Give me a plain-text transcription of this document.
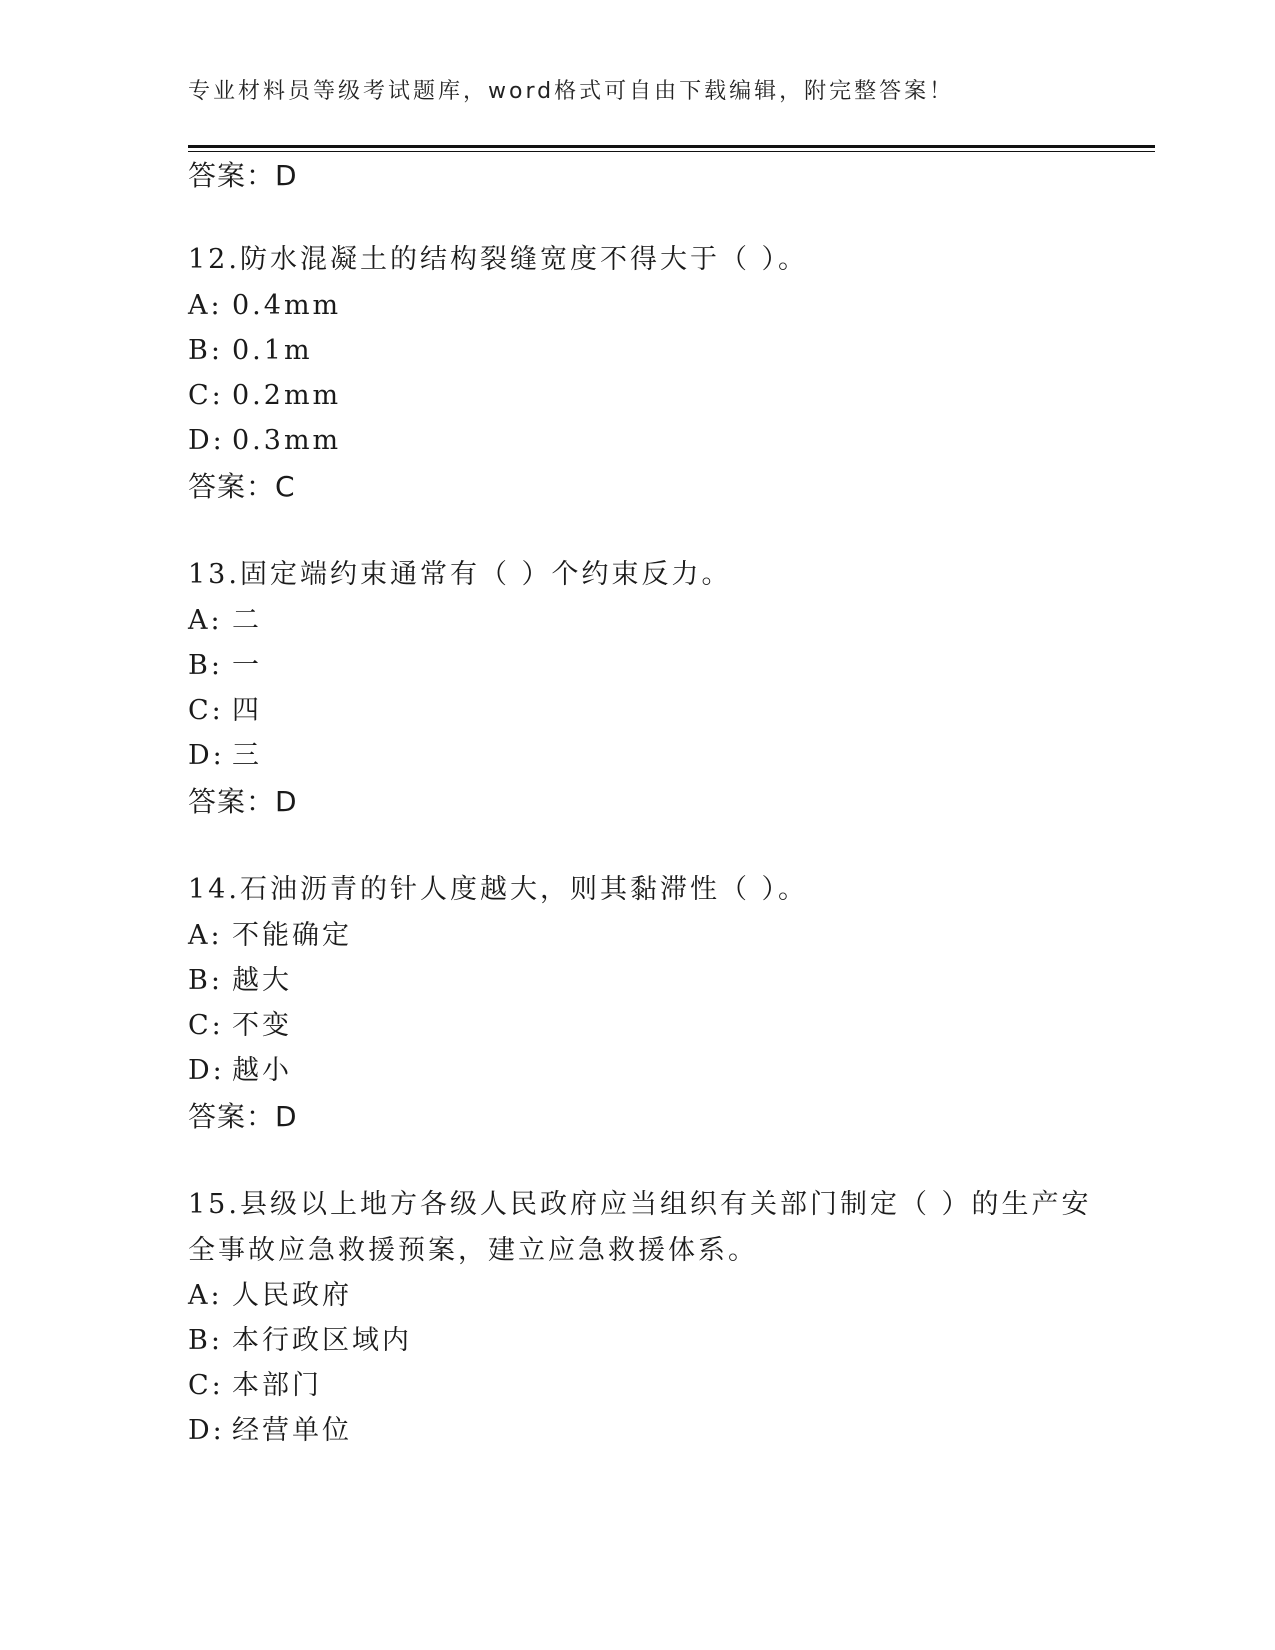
专业材料员等级考试题库，word格式可自由下载编辑，附完整答案！
答案：D
12.防水混凝土的结构裂缝宽度不得大于（ ）。
A: 0.4mm
B: 0.1m
C: 0.2mm
D: 0.3mm
答案：C
13.固定端约束通常有（ ）个约束反力。
A: 二
B: 一
C: 四
D: 三
答案：D
14.石油沥青的针人度越大，则其黏滞性（ ）。
A: 不能确定
B: 越大
C: 不变
D: 越小
答案：D
15.县级以上地方各级人民政府应当组织有关部门制定（ ）的生产安
全事故应急救援预案，建立应急救援体系。
A: 人民政府
B: 本行政区域内
C: 本部门
D: 经营单位
